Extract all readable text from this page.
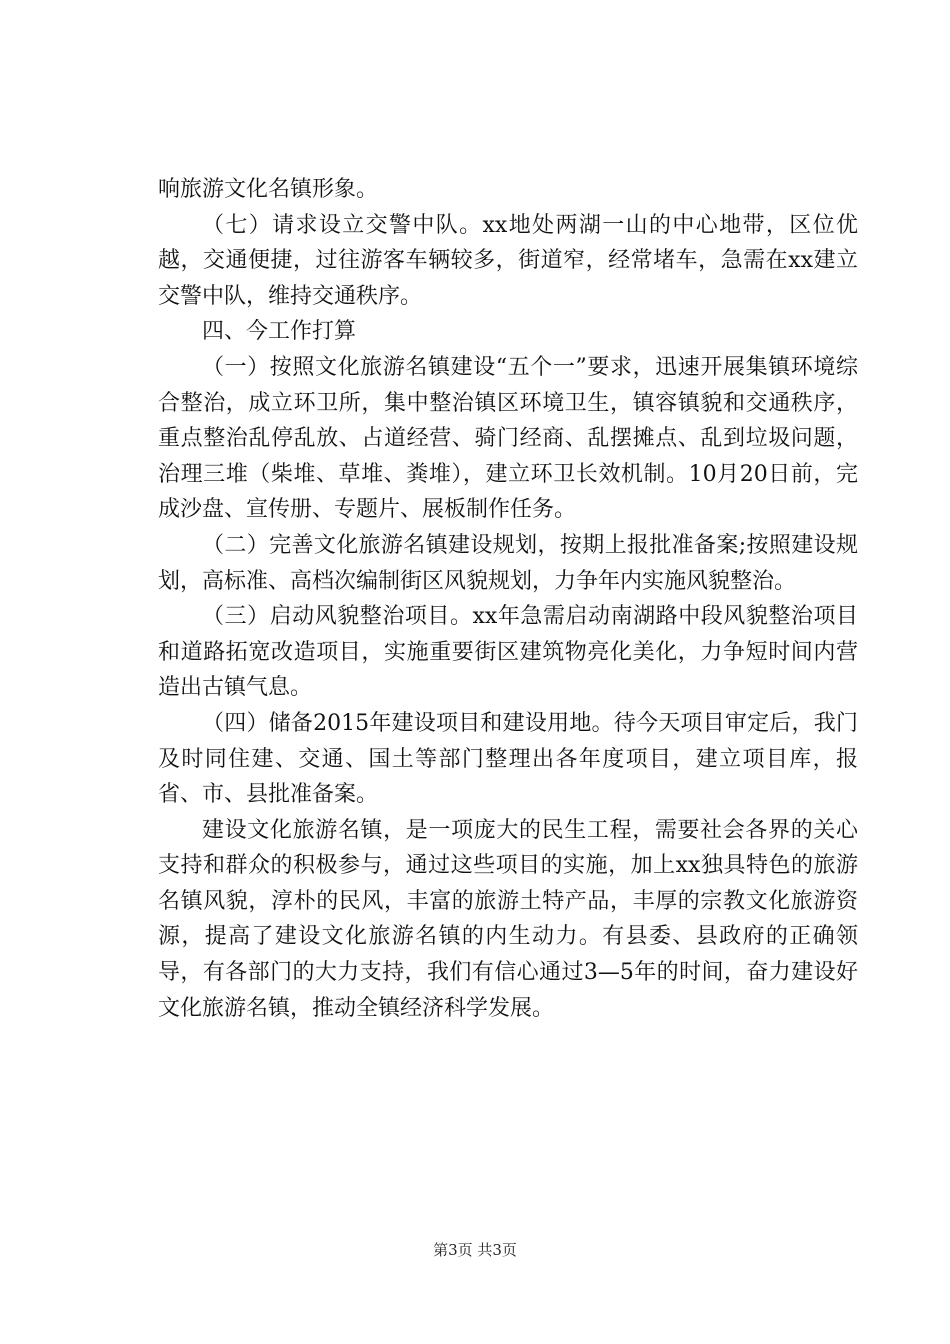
响旅游文化名镇形象。

（七）请求设立交警中队。xx地处两湖一山的中心地带，区位优越，交通便捷，过往游客车辆较多，街道窄，经常堵车，急需在xx建立交警中队，维持交通秩序。

四、今工作打算

（一）按照文化旅游名镇建设“五个一”要求，迅速开展集镇环境综合整治，成立环卫所，集中整治镇区环境卫生，镇容镇貌和交通秩序，重点整治乱停乱放、占道经营、骑门经商、乱摆摊点、乱到垃圾问题，治理三堆（柴堆、草堆、粪堆），建立环卫长效机制。10月20日前，完成沙盘、宣传册、专题片、展板制作任务。

（二）完善文化旅游名镇建设规划，按期上报批准备案;按照建设规划，高标准、高档次编制街区风貌规划，力争年内实施风貌整治。

（三）启动风貌整治项目。xx年急需启动南湖路中段风貌整治项目和道路拓宽改造项目，实施重要街区建筑物亮化美化，力争短时间内营造出古镇气息。

（四）储备2015年建设项目和建设用地。待今天项目审定后，我门及时同住建、交通、国土等部门整理出各年度项目，建立项目库，报省、市、县批准备案。

建设文化旅游名镇，是一项庞大的民生工程，需要社会各界的关心支持和群众的积极参与，通过这些项目的实施，加上xx独具特色的旅游名镇风貌，淳朴的民风，丰富的旅游土特产品，丰厚的宗教文化旅游资源，提高了建设文化旅游名镇的内生动力。有县委、县政府的正确领导，有各部门的大力支持，我们有信心通过3—5年的时间，奋力建设好文化旅游名镇，推动全镇经济科学发展。

第3页 共3页
